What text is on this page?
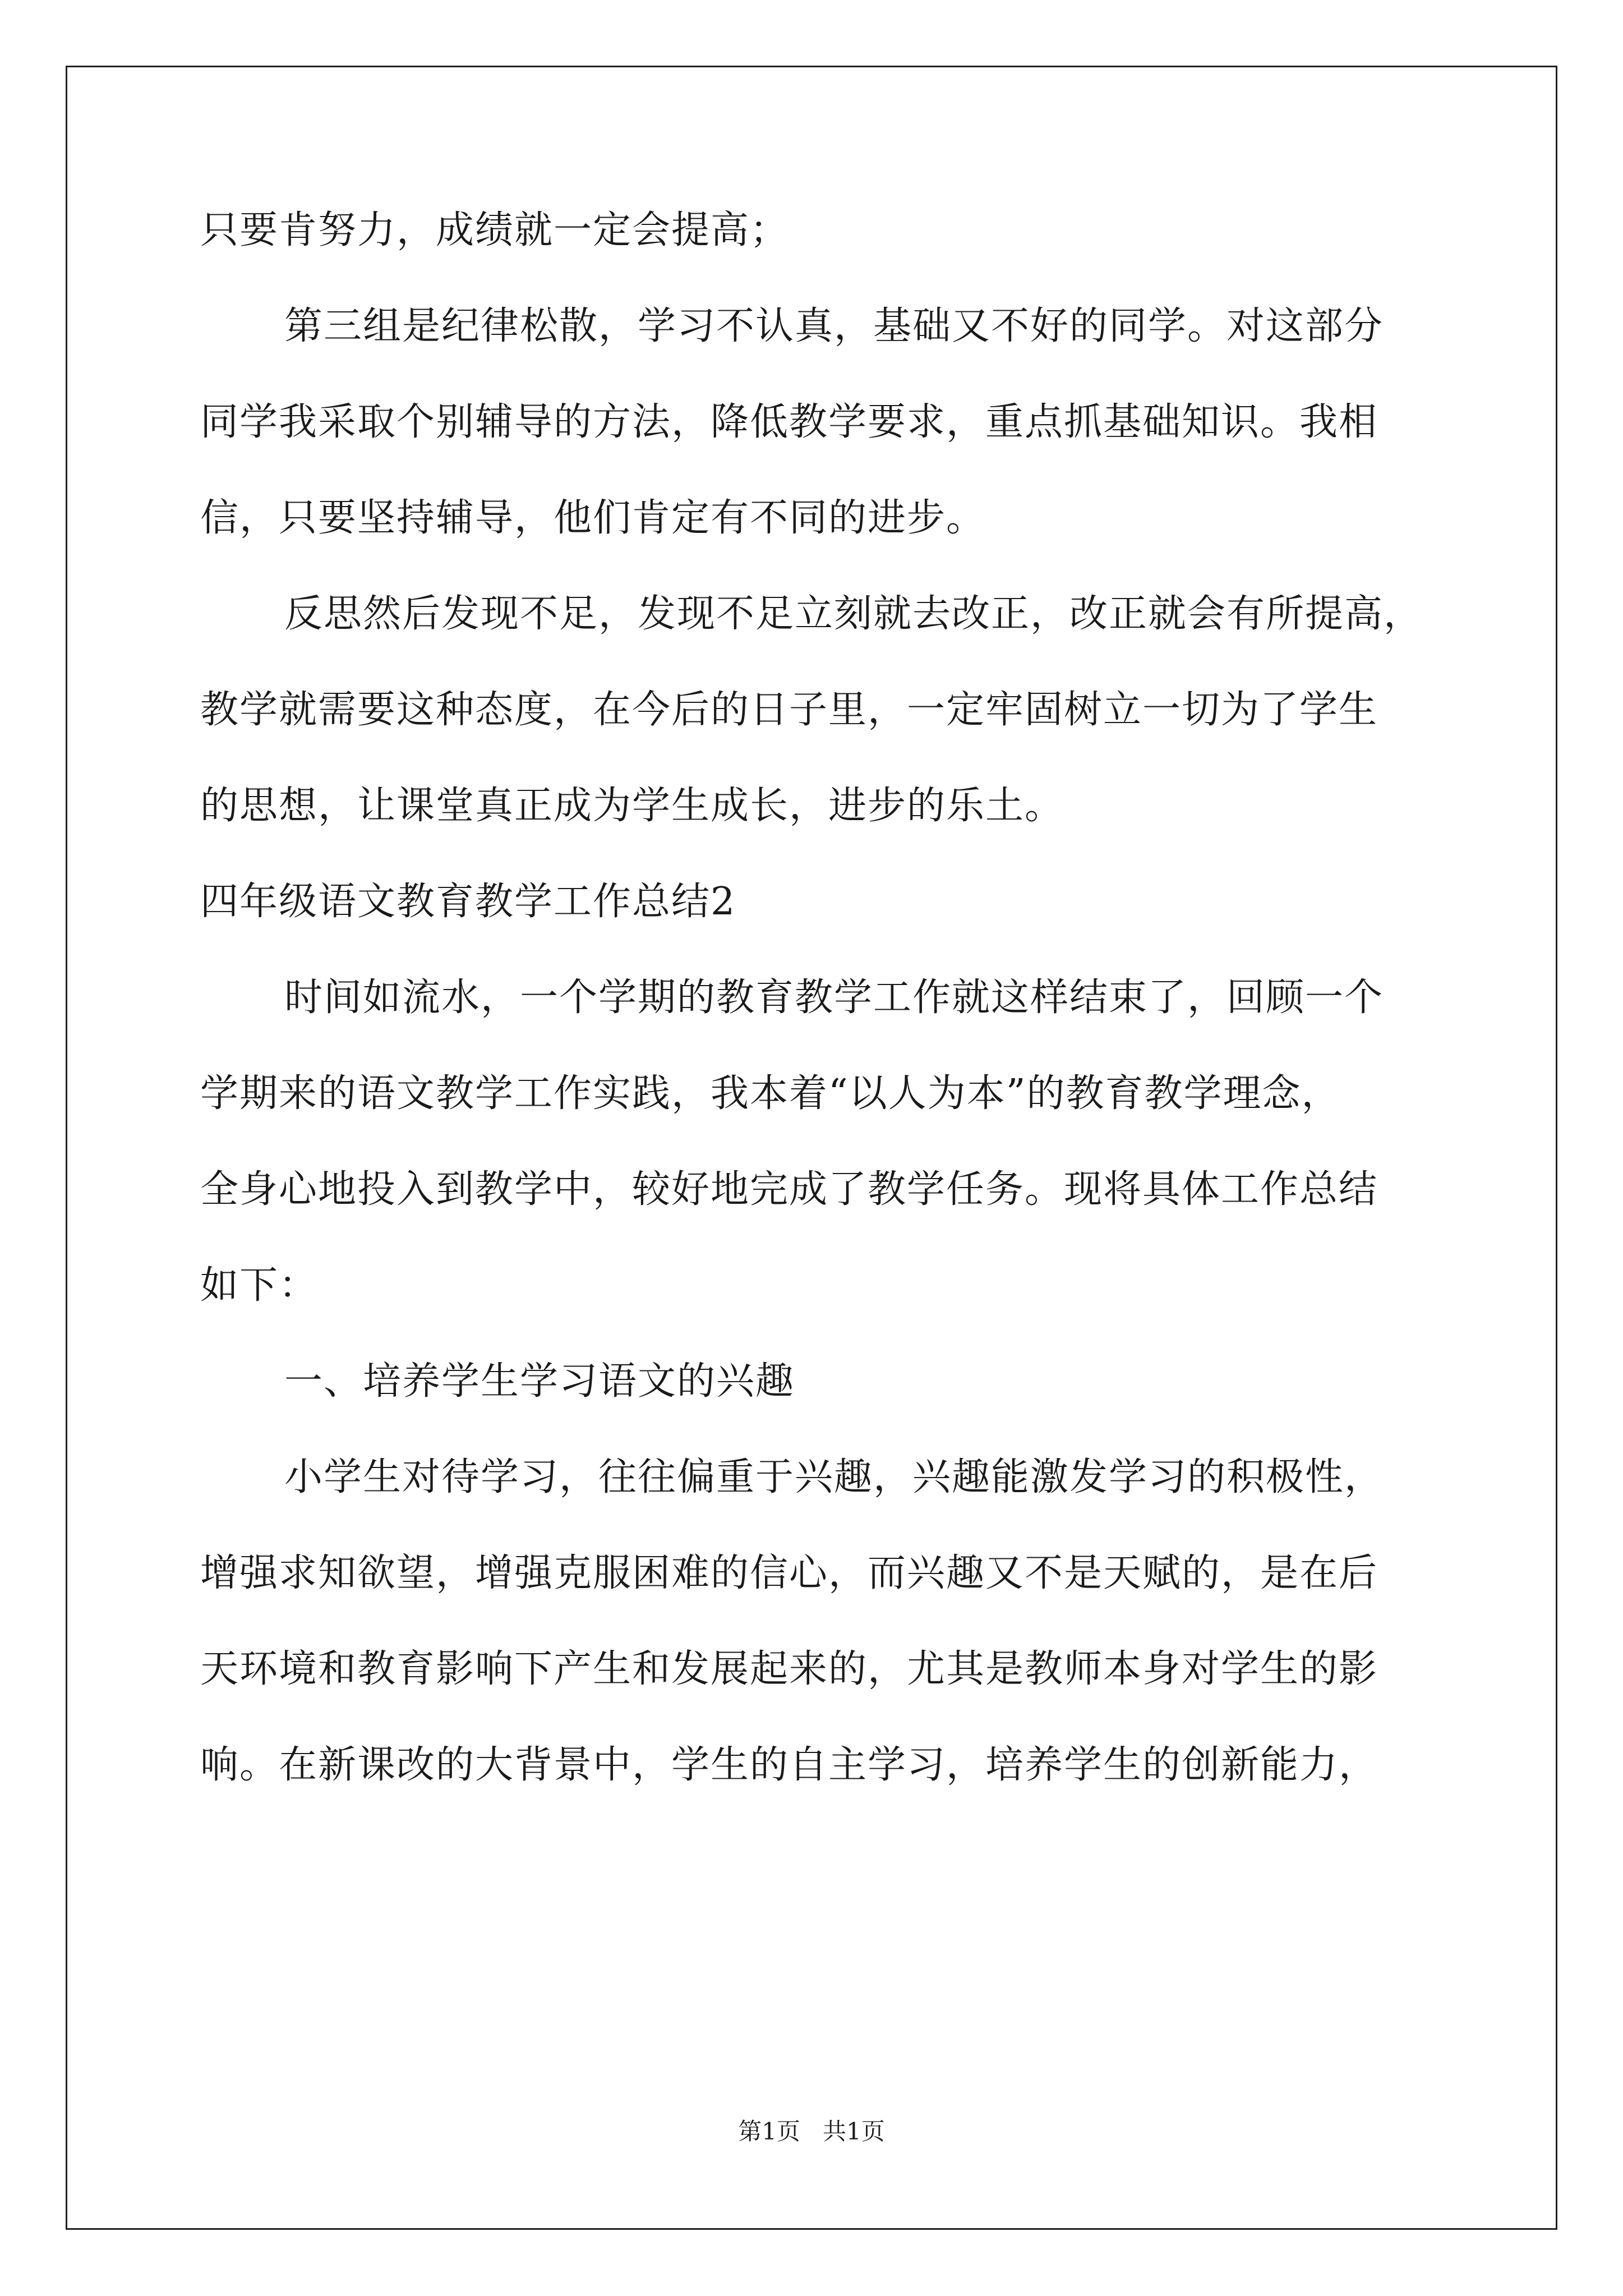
只要肯努力，成绩就一定会提高；
第三组是纪律松散，学习不认真，基础又不好的同学。对这部分
同学我采取个别辅导的方法，降低教学要求，重点抓基础知识。我相
信，只要坚持辅导，他们肯定有不同的进步。
反思然后发现不足，发现不足立刻就去改正，改正就会有所提高，
教学就需要这种态度，在今后的日子里，一定牢固树立一切为了学生
的思想，让课堂真正成为学生成长，进步的乐土。
四年级语文教育教学工作总结2
时间如流水，一个学期的教育教学工作就这样结束了，回顾一个
学期来的语文教学工作实践，我本着“以人为本”的教育教学理念，
全身心地投入到教学中，较好地完成了教学任务。现将具体工作总结
如下：
一、培养学生学习语文的兴趣
小学生对待学习，往往偏重于兴趣，兴趣能激发学习的积极性，
增强求知欲望，增强克服困难的信心，而兴趣又不是天赋的，是在后
天环境和教育影响下产生和发展起来的，尤其是教师本身对学生的影
响。在新课改的大背景中，学生的自主学习，培养学生的创新能力，
第1页   共1页
